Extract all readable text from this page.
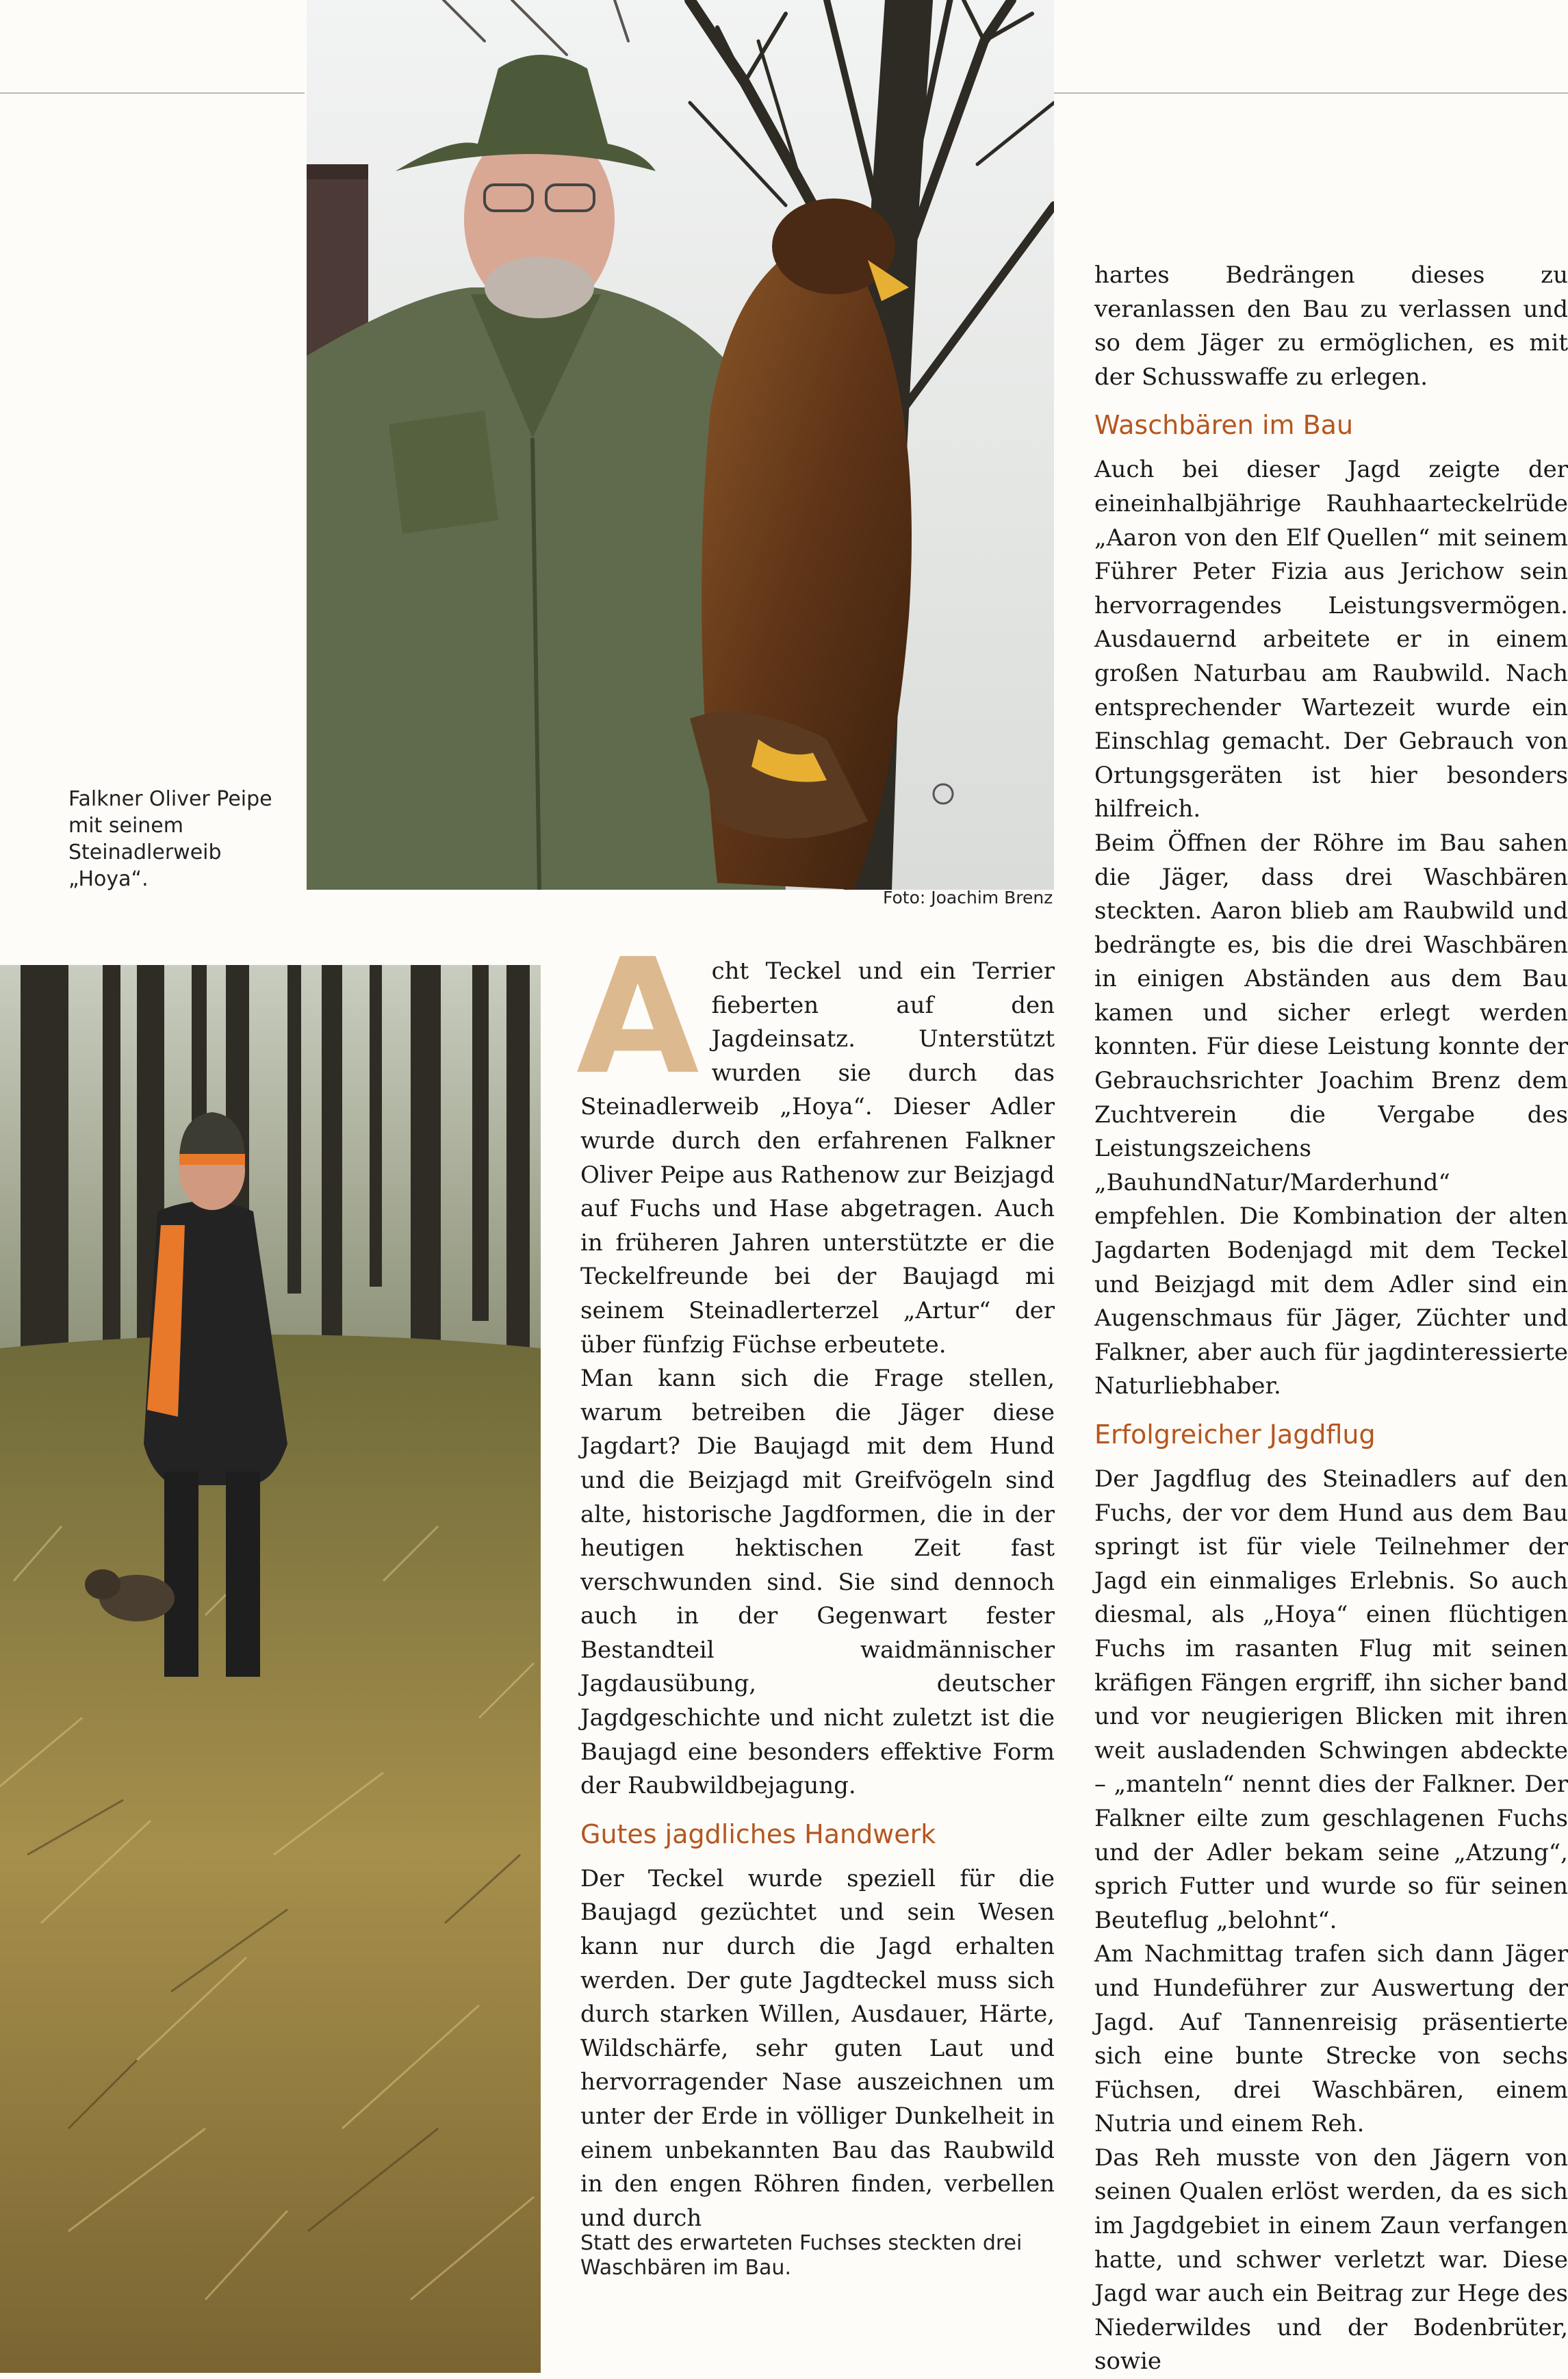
Falkner Oliver Peipe
mit seinem
Steinadlerweib
„Hoya“.
Foto: Joachim Brenz
A cht Teckel und ein Terrier fieberten auf den Jagdeinsatz. Unterstützt wurden sie durch das Steinadlerweib „Hoya“. Dieser Adler wurde durch den erfahrenen Falkner Oliver Peipe aus Rathenow zur Beizjagd auf Fuchs und Hase abgetragen. Auch in früheren Jahren unterstützte er die Teckelfreunde bei der Baujagd mi seinem Steinadlerterzel „Artur“ der über fünfzig Füchse erbeutete.

Man kann sich die Frage stellen, warum betreiben die Jäger diese Jagdart? Die Baujagd mit dem Hund und die Beizjagd mit Greifvögeln sind alte, historische Jagdformen, die in der heutigen hektischen Zeit fast verschwunden sind. Sie sind dennoch auch in der Gegenwart fester Bestandteil waidmännischer Jagdausübung, deutscher Jagdgeschichte und nicht zuletzt ist die Baujagd eine besonders effektive Form der Raubwildbejagung.

Gutes jagdliches Handwerk

Der Teckel wurde speziell für die Baujagd gezüchtet und sein Wesen kann nur durch die Jagd erhalten werden. Der gute Jagdteckel muss sich durch starken Willen, Ausdauer, Härte, Wildschärfe, sehr guten Laut und hervorragender Nase auszeichnen um unter der Erde in völliger Dunkelheit in einem unbekannten Bau das Raubwild in den engen Röhren finden, verbellen und durch

Statt des erwarteten Fuchses steckten drei
Waschbären im Bau.

hartes Bedrängen dieses zu veranlassen den Bau zu verlassen und so dem Jäger zu ermöglichen, es mit der Schusswaffe zu erlegen.

Waschbären im Bau

Auch bei dieser Jagd zeigte der eineinhalbjährige Rauhhaarteckelrüde „Aaron von den Elf Quellen“ mit seinem Führer Peter Fizia aus Jerichow sein hervorragendes Leistungsvermögen. Ausdauernd arbeitete er in einem großen Naturbau am Raubwild. Nach entsprechender Wartezeit wurde ein Einschlag gemacht. Der Gebrauch von Ortungsgeräten ist hier besonders hilfreich.

Beim Öffnen der Röhre im Bau sahen die Jäger, dass drei Waschbären steckten. Aaron blieb am Raubwild und bedrängte es, bis die drei Waschbären in einigen Abständen aus dem Bau kamen und sicher erlegt werden konnten. Für diese Leistung konnte der Gebrauchsrichter Joachim Brenz dem Zuchtverein die Vergabe des Leistungszeichens „BauhundNatur/Marderhund“ empfehlen. Die Kombination der alten Jagdarten Bodenjagd mit dem Teckel und Beizjagd mit dem Adler sind ein Augenschmaus für Jäger, Züchter und Falkner, aber auch für jagdinteressierte Naturliebhaber.

Erfolgreicher Jagdflug

Der Jagdflug des Steinadlers auf den Fuchs, der vor dem Hund aus dem Bau springt ist für viele Teilnehmer der Jagd ein einmaliges Erlebnis. So auch diesmal, als „Hoya“ einen flüchtigen Fuchs im rasanten Flug mit seinen kräfigen Fängen ergriff, ihn sicher band und vor neugierigen Blicken mit ihren weit ausladenden Schwingen abdeckte – „manteln“ nennt dies der Falkner. Der Falkner eilte zum geschlagenen Fuchs und der Adler bekam seine „Atzung“, sprich Futter und wurde so für seinen Beuteflug „belohnt“.

Am Nachmittag trafen sich dann Jäger und Hundeführer zur Auswertung der Jagd. Auf Tannenreisig präsentierte sich eine bunte Strecke von sechs Füchsen, drei Waschbären, einem Nutria und einem Reh.

Das Reh musste von den Jägern von seinen Qualen erlöst werden, da es sich im Jagdgebiet in einem Zaun verfangen hatte, und schwer verletzt war. Diese Jagd war auch ein Beitrag zur Hege des Niederwildes und der Bodenbrüter, sowie
